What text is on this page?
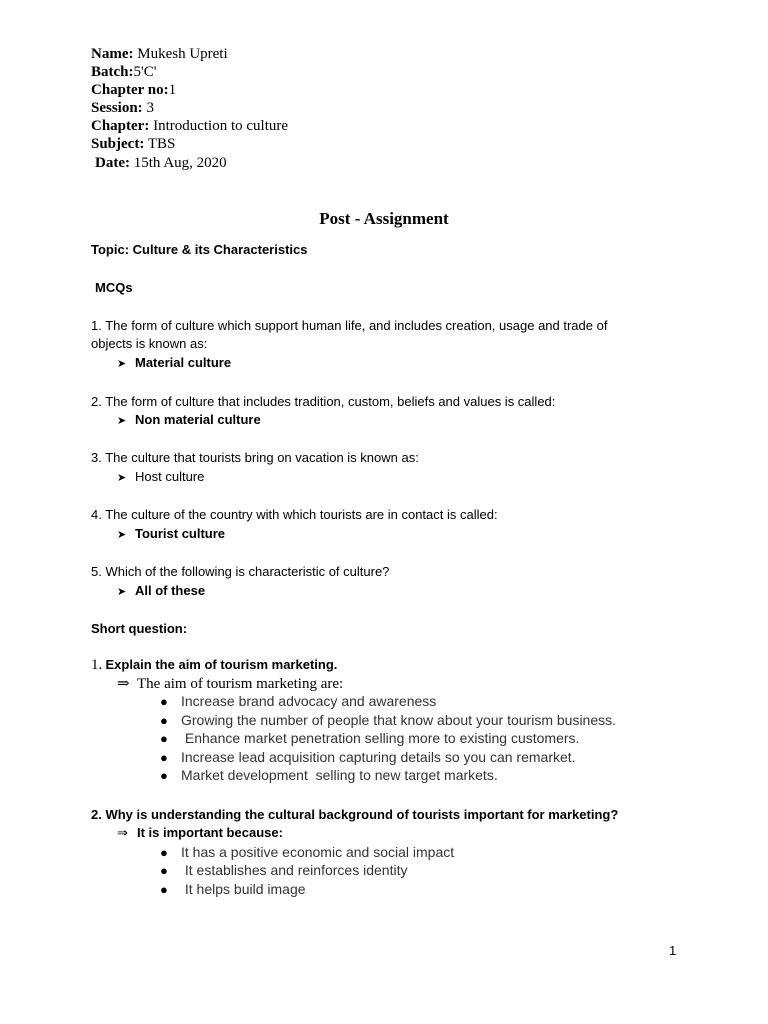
Name: Mukesh Upreti
Batch:5'C'
Chapter no:1
Session: 3
Chapter: Introduction to culture
Subject: TBS
Date: 15th Aug, 2020
Post - Assignment
Topic: Culture & its Characteristics
MCQs
1. The form of culture which support human life, and includes creation, usage and trade of
objects is known as:
➤ Material culture
2. The form of culture that includes tradition, custom, beliefs and values is called:
➤ Non material culture
3. The culture that tourists bring on vacation is known as:
➤ Host culture
4. The culture of the country with which tourists are in contact is called:
➤ Tourist culture
5. Which of the following is characteristic of culture?
➤ All of these
Short question:
1. Explain the aim of tourism marketing.
⇒ The aim of tourism marketing are:
● Increase brand advocacy and awareness
● Growing the number of people that know about your tourism business.
● Enhance market penetration selling more to existing customers.
● Increase lead acquisition capturing details so you can remarket.
● Market development  selling to new target markets.
2. Why is understanding the cultural background of tourists important for marketing?
⇒ It is important because:
● It has a positive economic and social impact
● It establishes and reinforces identity
● It helps build image
1
